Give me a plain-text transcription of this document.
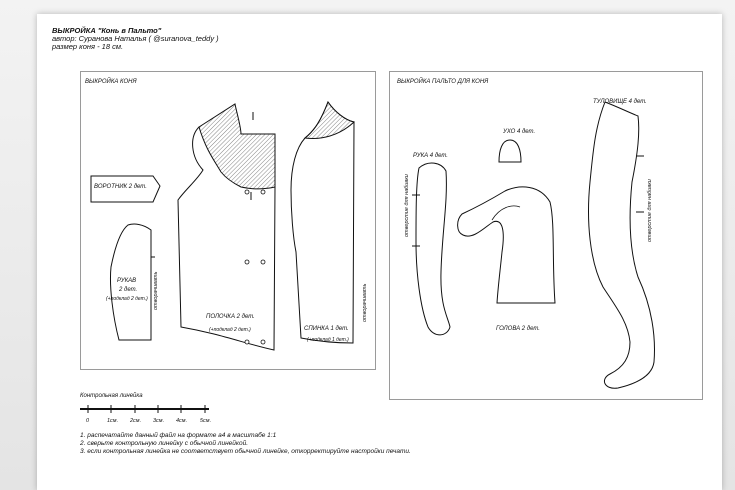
ВЫКРОЙКА "Конь в Пальто"
автор: Суранова Наталья ( @suranova_teddy )
размер коня - 18 см.
ВЫКРОЙКА КОНЯ
ВОРОТНИК 2 дет.
РУКАВ
2 дет.
(+подклад 2 дет.) отворачивать
ПОЛОЧКА 2 дет.
(+подклад 2 дет.)	СПИНКА 1 дет.
(+подклад 1 дет.)
отворачивать
ВЫКРОЙКА ПАЛЬТО ДЛЯ КОНЯ
РУКА 4 дет.
отверстие для набивки
УХО 4 дет.
ГОЛОВА 2 дет.
ТУЛОВИЩЕ 4 дет.
отверстие для набивки
Контрольная линейка
0	1см. 2см. 3см. 4см. 5см.
1. распечатайте данный файл на формате а4 в масштабе 1:1
2. сверьте контрольную линейку с обычной линейкой.
3. если контрольная линейка не соответствует обычной линейке, откорректируйте настройки печати.
